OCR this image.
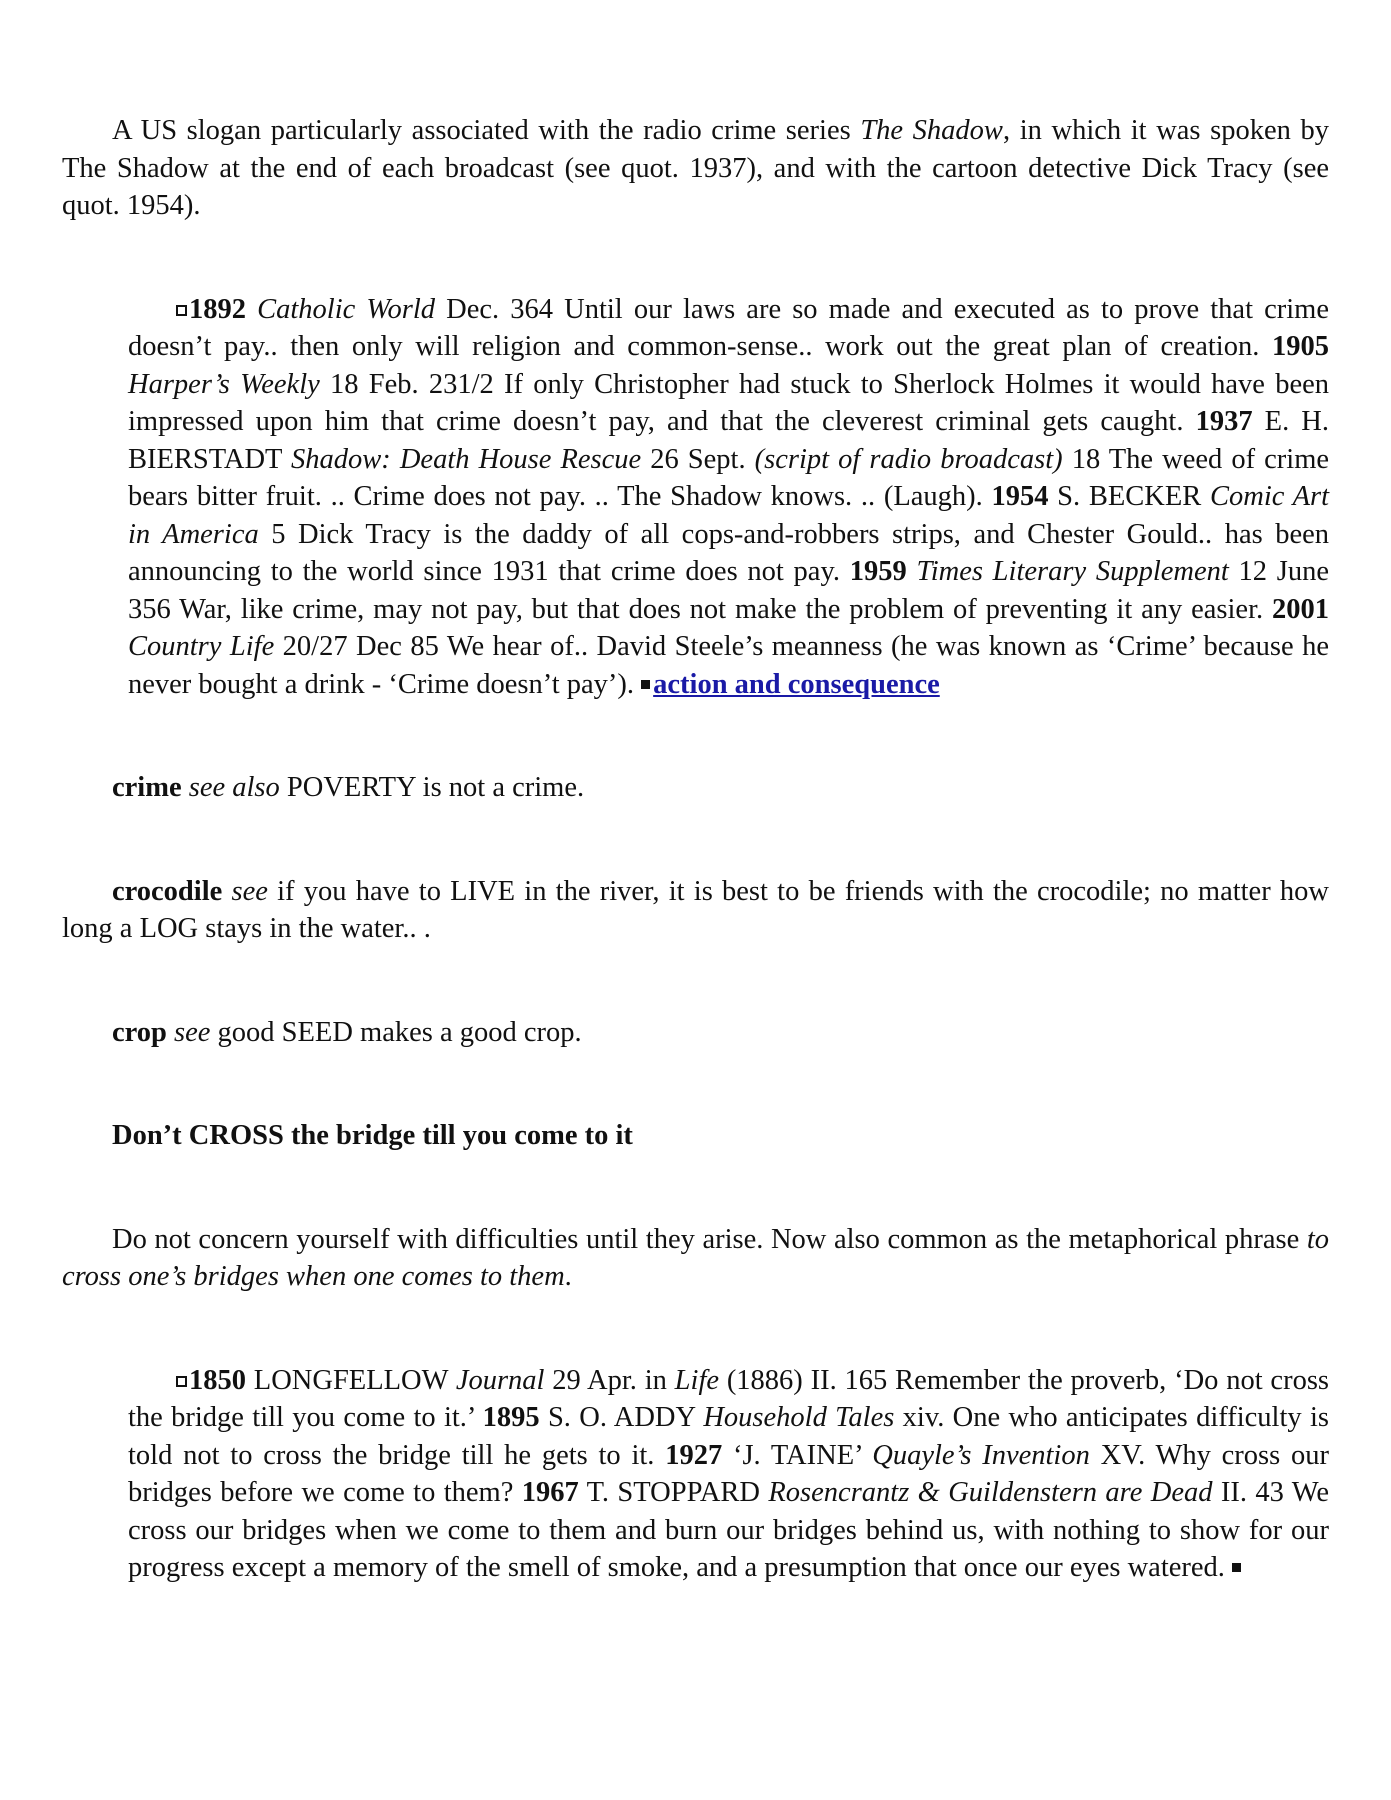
A US slogan particularly associated with the radio crime series The Shadow, in which it was spoken by The Shadow at the end of each broadcast (see quot. 1937), and with the cartoon detective Dick Tracy (see quot. 1954).

1892 Catholic World Dec. 364 Until our laws are so made and executed as to prove that crime doesn’t pay.. then only will religion and common-sense.. work out the great plan of creation. 1905 Harper’s Weekly 18 Feb. 231/2 If only Christopher had stuck to Sherlock Holmes it would have been impressed upon him that crime doesn’t pay, and that the cleverest criminal gets caught. 1937 E. H. BIERSTADT Shadow: Death House Rescue 26 Sept. (script of radio broadcast) 18 The weed of crime bears bitter fruit. .. Crime does not pay. .. The Shadow knows. .. (Laugh). 1954 S. BECKER Comic Art in America 5 Dick Tracy is the daddy of all cops-and-robbers strips, and Chester Gould.. has been announcing to the world since 1931 that crime does not pay. 1959 Times Literary Supplement 12 June 356 War, like crime, may not pay, but that does not make the problem of preventing it any easier. 2001 Country Life 20/27 Dec 85 We hear of.. David Steele’s meanness (he was known as ‘Crime’ because he never bought a drink - ‘Crime doesn’t pay’). action and consequence

crime see also POVERTY is not a crime.

crocodile see if you have to LIVE in the river, it is best to be friends with the crocodile; no matter how long a LOG stays in the water.. .

crop see good SEED makes a good crop.

Don’t CROSS the bridge till you come to it

Do not concern yourself with difficulties until they arise. Now also common as the metaphorical phrase to cross one’s bridges when one comes to them.

1850 LONGFELLOW Journal 29 Apr. in Life (1886) II. 165 Remember the proverb, ‘Do not cross the bridge till you come to it.’ 1895 S. O. ADDY Household Tales xiv. One who anticipates difficulty is told not to cross the bridge till he gets to it. 1927 ‘J. TAINE’ Quayle’s Invention XV. Why cross our bridges before we come to them? 1967 T. STOPPARD Rosencrantz & Guildenstern are Dead II. 43 We cross our bridges when we come to them and burn our bridges behind us, with nothing to show for our progress except a memory of the smell of smoke, and a presumption that once our eyes watered.
